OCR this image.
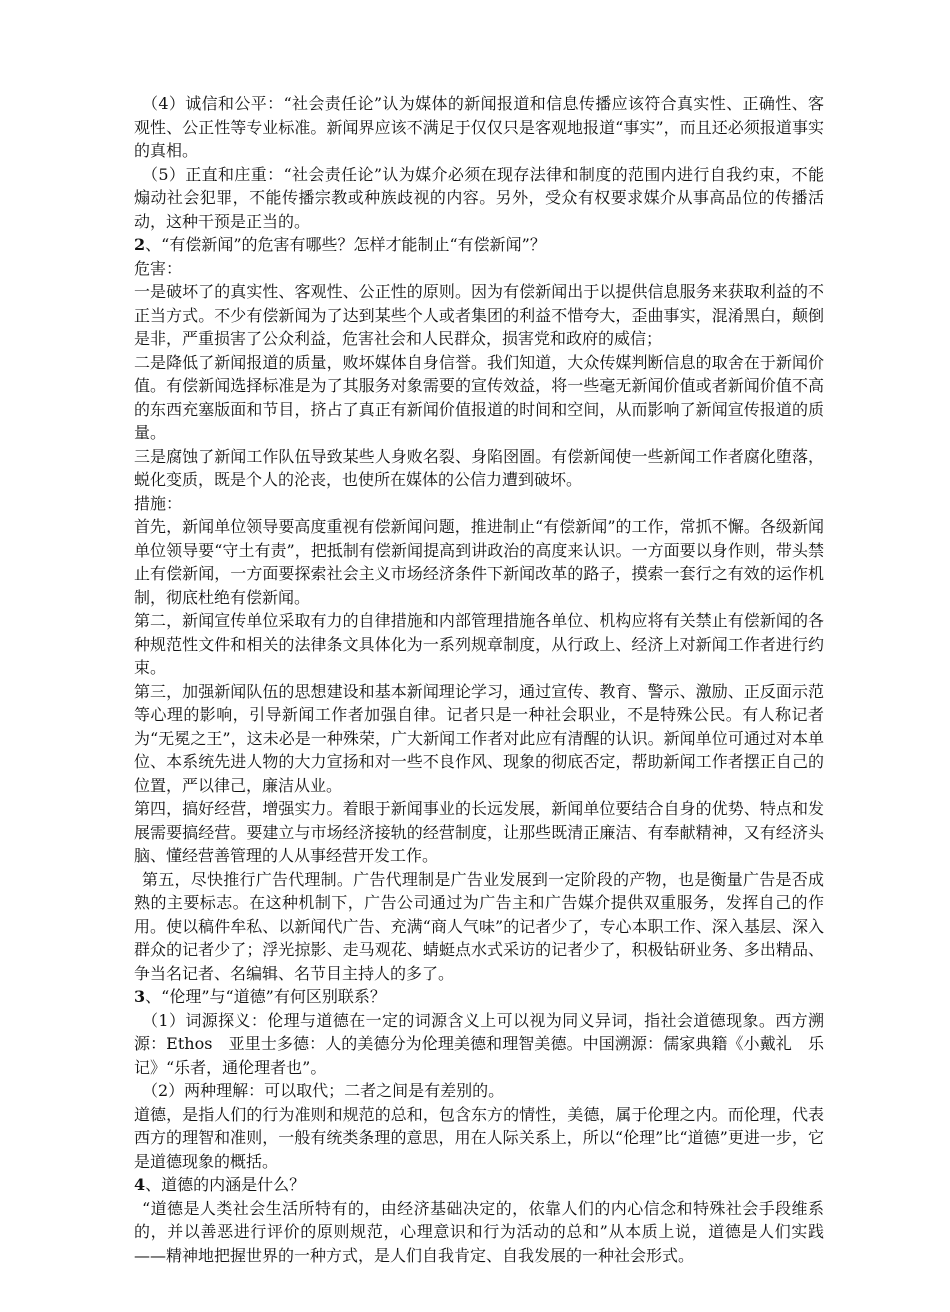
（4）诚信和公平：“社会责任论”认为媒体的新闻报道和信息传播应该符合真实性、正确性、客观性、公正性等专业标准。新闻界应该不满足于仅仅只是客观地报道“事实”，而且还必须报道事实的真相。

（5）正直和庄重：“社会责任论”认为媒介必须在现存法律和制度的范围内进行自我约束，不能煽动社会犯罪，不能传播宗教或种族歧视的内容。另外，受众有权要求媒介从事高品位的传播活动，这种干预是正当的。

2、“有偿新闻”的危害有哪些？怎样才能制止“有偿新闻”？

危害：

一是破坏了的真实性、客观性、公正性的原则。因为有偿新闻出于以提供信息服务来获取利益的不正当方式。不少有偿新闻为了达到某些个人或者集团的利益不惜夸大，歪曲事实，混淆黑白，颠倒是非，严重损害了公众利益，危害社会和人民群众，损害党和政府的威信；

二是降低了新闻报道的质量，败坏媒体自身信誉。我们知道，大众传媒判断信息的取舍在于新闻价值。有偿新闻选择标准是为了其服务对象需要的宣传效益，将一些毫无新闻价值或者新闻价值不高的东西充塞版面和节目，挤占了真正有新闻价值报道的时间和空间，从而影响了新闻宣传报道的质量。

三是腐蚀了新闻工作队伍导致某些人身败名裂、身陷囹圄。有偿新闻使一些新闻工作者腐化堕落，蜕化变质，既是个人的沦丧，也使所在媒体的公信力遭到破坏。

措施：

首先，新闻单位领导要高度重视有偿新闻问题，推进制止“有偿新闻”的工作，常抓不懈。各级新闻单位领导要“守土有责”，把抵制有偿新闻提高到讲政治的高度来认识。一方面要以身作则，带头禁止有偿新闻，一方面要探索社会主义市场经济条件下新闻改革的路子，摸索一套行之有效的运作机制，彻底杜绝有偿新闻。

第二，新闻宣传单位采取有力的自律措施和内部管理措施各单位、机构应将有关禁止有偿新闻的各种规范性文件和相关的法律条文具体化为一系列规章制度，从行政上、经济上对新闻工作者进行约束。

第三，加强新闻队伍的思想建设和基本新闻理论学习，通过宣传、教育、警示、激励、正反面示范等心理的影响，引导新闻工作者加强自律。记者只是一种社会职业，不是特殊公民。有人称记者为“无冕之王”，这未必是一种殊荣，广大新闻工作者对此应有清醒的认识。新闻单位可通过对本单位、本系统先进人物的大力宣扬和对一些不良作风、现象的彻底否定，帮助新闻工作者摆正自己的位置，严以律己，廉洁从业。

第四，搞好经营，增强实力。着眼于新闻事业的长远发展，新闻单位要结合自身的优势、特点和发展需要搞经营。要建立与市场经济接轨的经营制度，让那些既清正廉洁、有奉献精神，又有经济头脑、懂经营善管理的人从事经营开发工作。

第五，尽快推行广告代理制。广告代理制是广告业发展到一定阶段的产物，也是衡量广告是否成熟的主要标志。在这种机制下，广告公司通过为广告主和广告媒介提供双重服务，发挥自己的作用。使以稿件牟私、以新闻代广告、充满“商人气味”的记者少了，专心本职工作、深入基层、深入群众的记者少了；浮光掠影、走马观花、蜻蜓点水式采访的记者少了，积极钻研业务、多出精品、争当名记者、名编辑、名节目主持人的多了。

3、“伦理”与“道德”有何区别联系？

（1）词源探义：伦理与道德在一定的词源含义上可以视为同义异词，指社会道德现象。西方溯源：Ethos　亚里士多德：人的美德分为伦理美德和理智美德。中国溯源：儒家典籍《小戴礼　乐记》“乐者，通伦理者也”。

（2）两种理解：可以取代；二者之间是有差别的。

道德，是指人们的行为准则和规范的总和，包含东方的情性，美德，属于伦理之内。而伦理，代表西方的理智和准则，一般有统类条理的意思，用在人际关系上，所以“伦理”比“道德”更进一步，它是道德现象的概括。

4、道德的内涵是什么？

“道德是人类社会生活所特有的，由经济基础决定的，依靠人们的内心信念和特殊社会手段维系的，并以善恶进行评价的原则规范，心理意识和行为活动的总和”从本质上说，道德是人们实践——精神地把握世界的一种方式，是人们自我肯定、自我发展的一种社会形式。
